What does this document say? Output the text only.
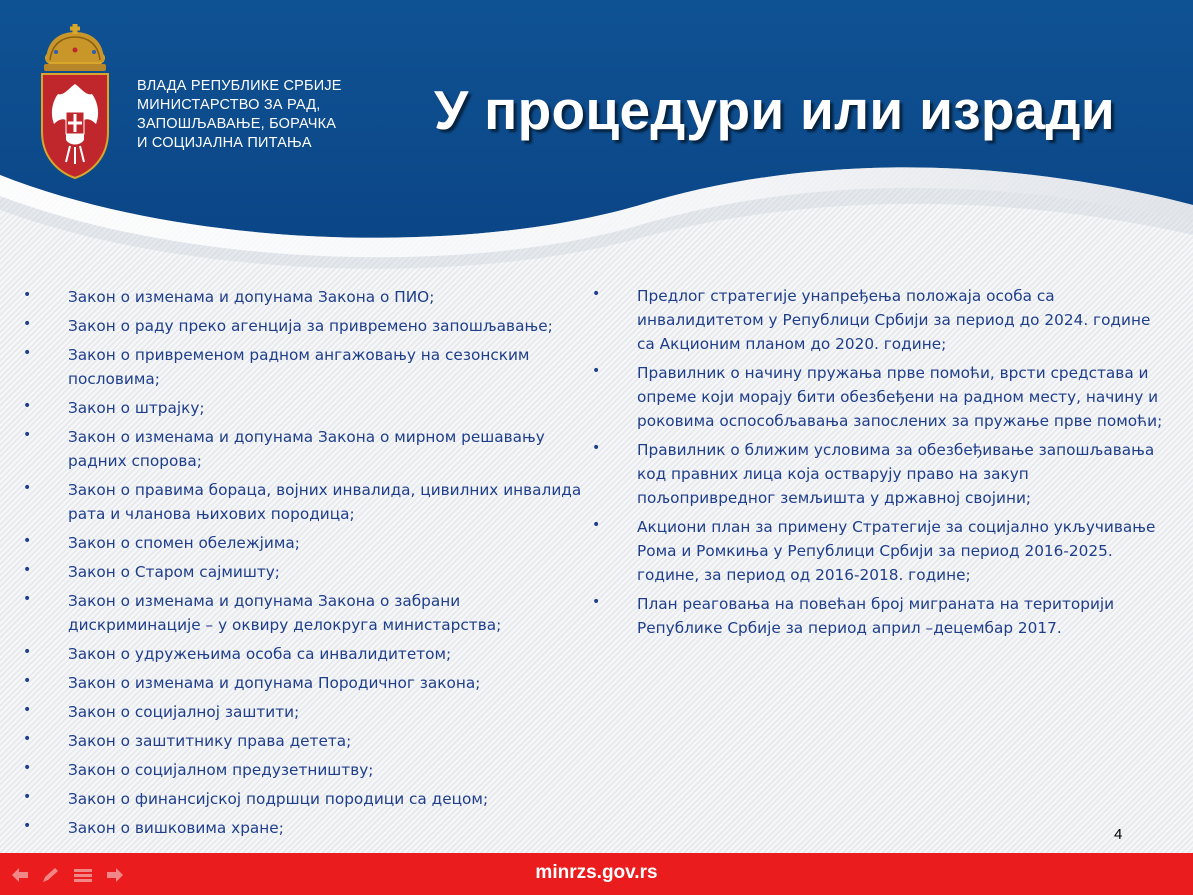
ВЛАДА РЕПУБЛИКЕ СРБИЈЕ
МИНИСТАРСТВО ЗА РАД,
ЗАПОШЉАВАЊЕ, БОРАЧКА
И СОЦИЈАЛНА ПИТАЊА
У процедури или изради
• Закон о изменама и допунама Закона о ПИО;
• Закон о раду преко агенција за привремено запошљавање;
• Закон о привременом радном ангажовању на сезонским пословима;
• Закон о штрајку;
• Закон о изменама и допунама Закона о мирном решавању радних спорова;
• Закон о правима бораца, војних инвалида, цивилних инвалида рата и чланова њихових породица;
• Закон о спомен обележјима;
• Закон о Старом сајмишту;
• Закон о изменама и допунама Закона о забрани дискриминације – у оквиру делокруга министарства;
• Закон о удружењима особа са инвалидитетом;
• Закон о изменама и допунама Породичног закона;
• Закон о социјалној заштити;
• Закон о заштитнику права детета;
• Закон о социјалном предузетништву;
• Закон о финансијској подршци породици са децом;
• Закон о вишковима хране;
• Предлог стратегије унапређења положаја особа са инвалидитетом у Републици Србији за период до 2024. године са Акционим планом до 2020. године;
• Правилник о начину пружања прве помоћи, врсти средстава и опреме који морају бити обезбеђени на радном месту, начину и роковима оспособљавања запослених за пружање прве помоћи;
• Правилник о ближим условима за обезбеђивање запошљавања код правних лица која остварују право на закуп пољопривредног земљишта у државној својини;
• Акциони план за примену Стратегије за социјално укључивање Рома и Ромкиња у Републици Србији за период 2016-2025. године, за период од 2016-2018. године;
• План реаговања на повећан број миграната на територији Републике Србије за период април –децембар 2017.
4
minrzs.gov.rs
